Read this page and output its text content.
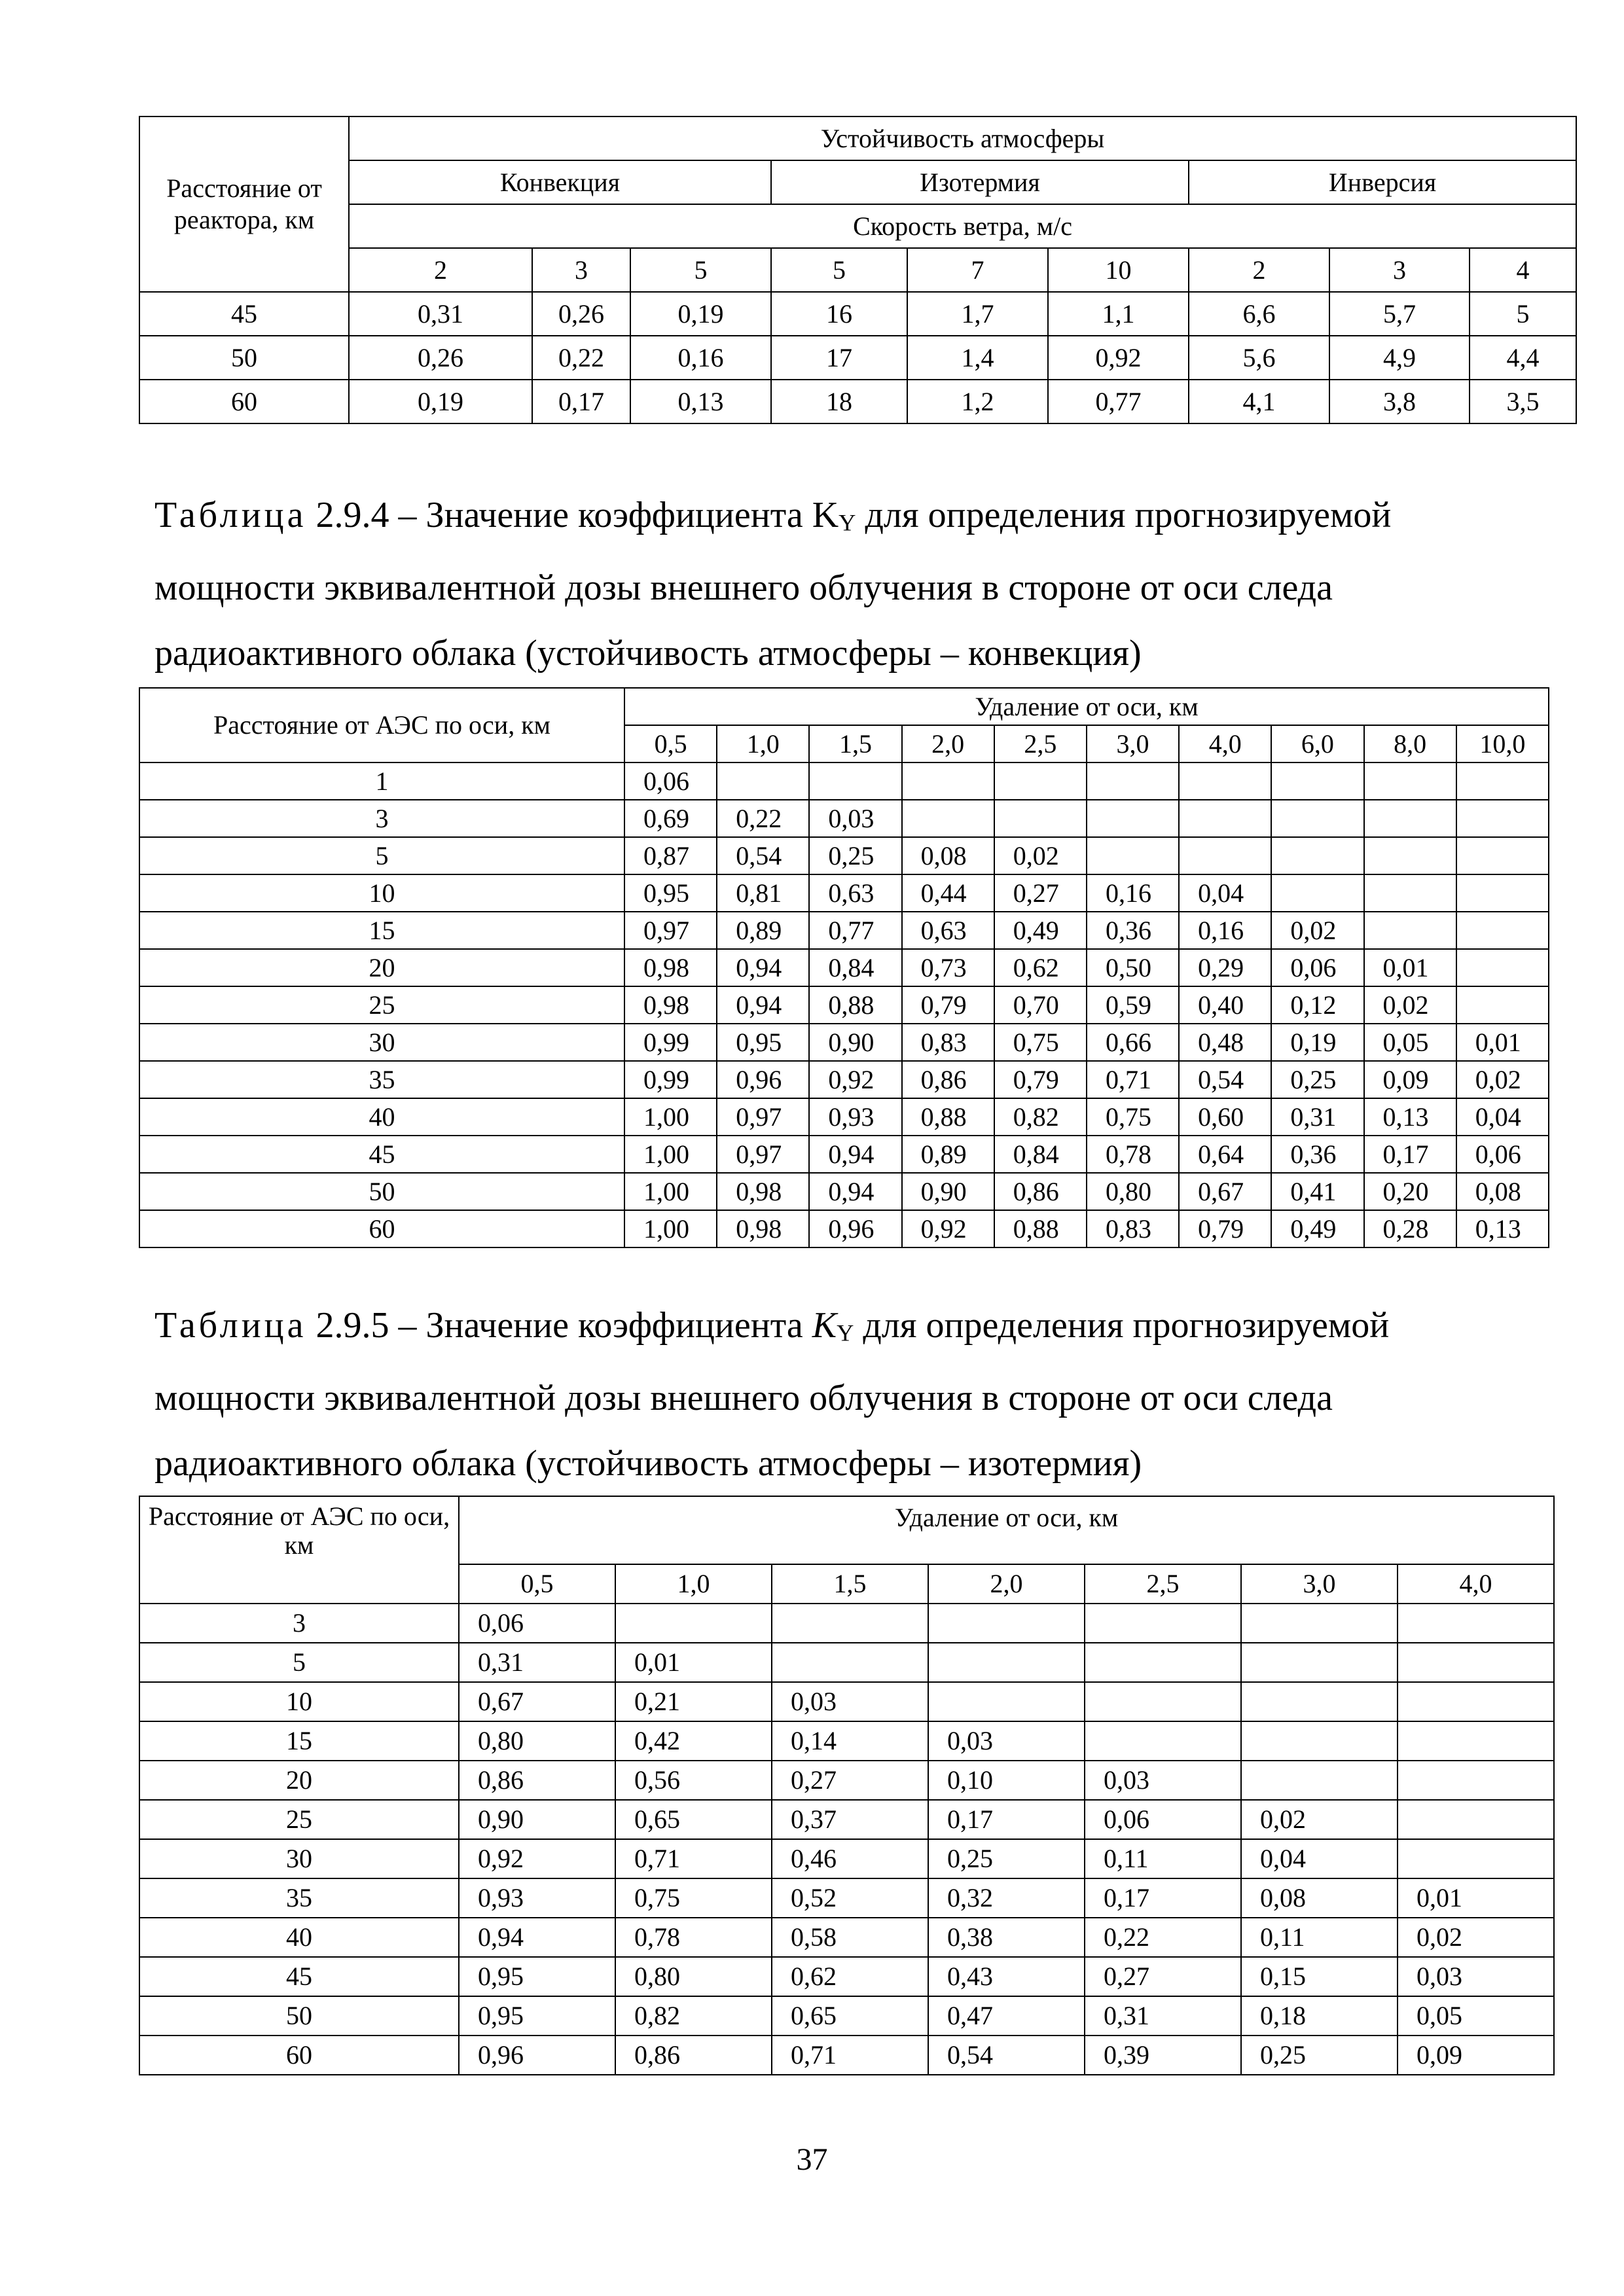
Расстояние от реактора, км	Устойчивость атмосферы								
	Конвекция			Изотермия			Инверсия		
	Скорость ветра, м/с								
	2	3	5	5	7	10	2	3	4
45	0,31	0,26	0,19	16	1,7	1,1	6,6	5,7	5
50	0,26	0,22	0,16	17	1,4	0,92	5,6	4,9	4,4
60	0,19	0,17	0,13	18	1,2	0,77	4,1	3,8	3,5
Таблица 2.9.4 – Значение коэффициента $K_Y$ для определения прогнозируемой мощности эквивалентной дозы внешнего облучения в стороне от оси следа радиоактивного облака (устойчивость атмосферы – конвекция)
Расстояние от АЭС по оси, км	Удаление от оси, км									
	0,5	1,0	1,5	2,0	2,5	3,0	4,0	6,0	8,0	10,0
1	0,06									
3	0,69	0,22	0,03							
5	0,87	0,54	0,25	0,08	0,02					
10	0,95	0,81	0,63	0,44	0,27	0,16	0,04			
15	0,97	0,89	0,77	0,63	0,49	0,36	0,16	0,02		
20	0,98	0,94	0,84	0,73	0,62	0,50	0,29	0,06	0,01	
25	0,98	0,94	0,88	0,79	0,70	0,59	0,40	0,12	0,02	
30	0,99	0,95	0,90	0,83	0,75	0,66	0,48	0,19	0,05	0,01
35	0,99	0,96	0,92	0,86	0,79	0,71	0,54	0,25	0,09	0,02
40	1,00	0,97	0,93	0,88	0,82	0,75	0,60	0,31	0,13	0,04
45	1,00	0,97	0,94	0,89	0,84	0,78	0,64	0,36	0,17	0,06
50	1,00	0,98	0,94	0,90	0,86	0,80	0,67	0,41	0,20	0,08
60	1,00	0,98	0,96	0,92	0,88	0,83	0,79	0,49	0,28	0,13
Таблица 2.9.5 – Значение коэффициента $K_Y$ для определения прогнозируемой мощности эквивалентной дозы внешнего облучения в стороне от оси следа радиоактивного облака (устойчивость атмосферы – изотермия)
Расстояние от АЭС по оси, км	Удаление от оси, км						
	0,5	1,0	1,5	2,0	2,5	3,0	4,0
3	0,06						
5	0,31	0,01					
10	0,67	0,21	0,03				
15	0,80	0,42	0,14	0,03			
20	0,86	0,56	0,27	0,10	0,03		
25	0,90	0,65	0,37	0,17	0,06	0,02	
30	0,92	0,71	0,46	0,25	0,11	0,04	
35	0,93	0,75	0,52	0,32	0,17	0,08	0,01
40	0,94	0,78	0,58	0,38	0,22	0,11	0,02
45	0,95	0,80	0,62	0,43	0,27	0,15	0,03
50	0,95	0,82	0,65	0,47	0,31	0,18	0,05
60	0,96	0,86	0,71	0,54	0,39	0,25	0,09
37
